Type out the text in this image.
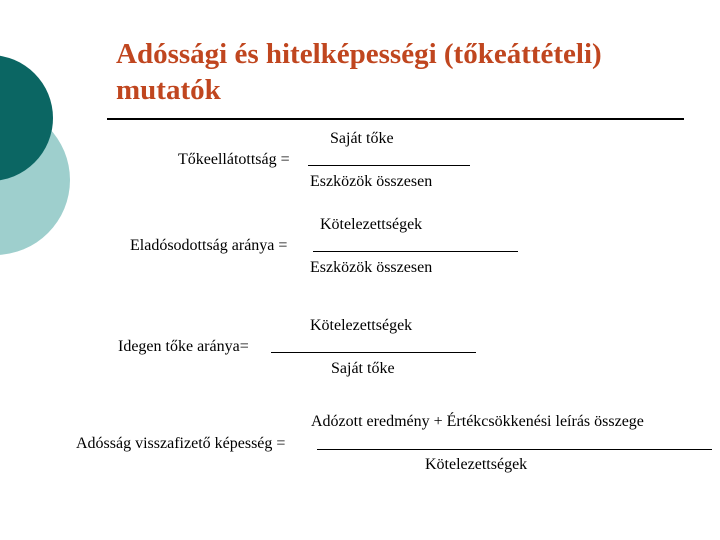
Adóssági és hitelképességi (tőkeáttételi)
mutatók
Saját tőke
Tőkeellátottság =
Eszközök összesen
Kötelezettségek
Eladósodottság aránya =
Eszközök összesen
Kötelezettségek
Idegen tőke aránya=
Saját tőke
Adózott eredmény + Értékcsökkenési leírás összege
Adósság visszafizető képesség =
Kötelezettségek
